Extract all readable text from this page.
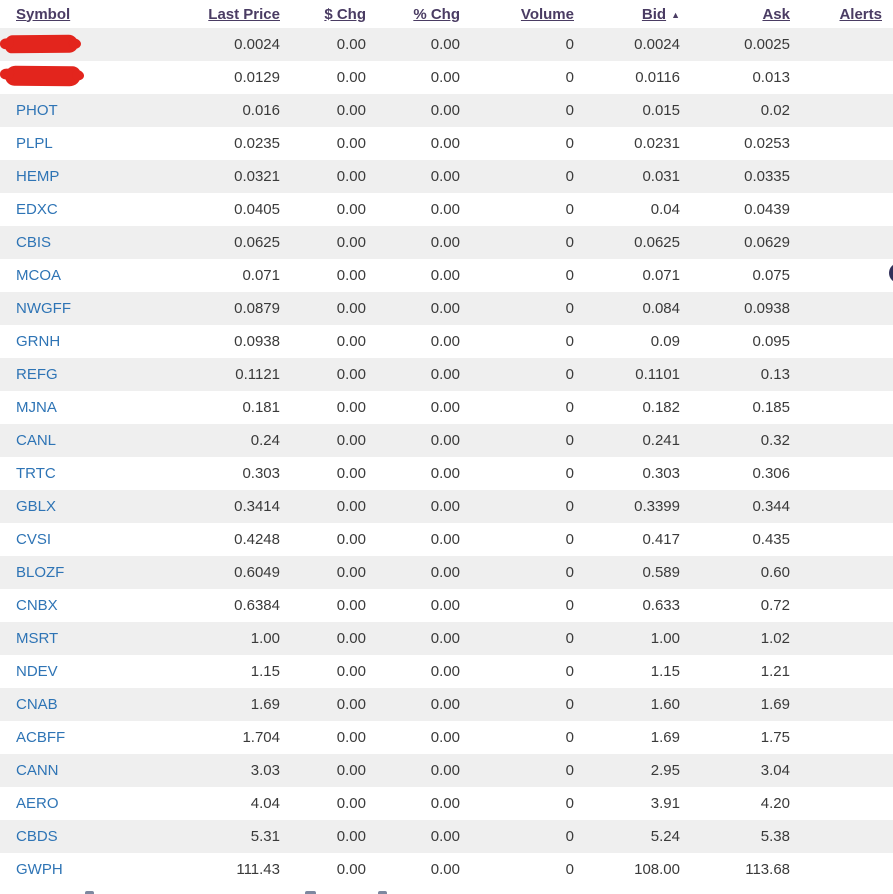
Symbol	Last Price	$ Chg	% Chg	Volume	Bid ▲	Ask	Alerts

	0.0024	0.00	0.00	0	0.0024	0.0025	

	0.0129	0.00	0.00	0	0.0116	0.013	
PHOT	0.016	0.00	0.00	0	0.015	0.02	
PLPL	0.0235	0.00	0.00	0	0.0231	0.0253	
HEMP	0.0321	0.00	0.00	0	0.031	0.0335	
EDXC	0.0405	0.00	0.00	0	0.04	0.0439	
CBIS	0.0625	0.00	0.00	0	0.0625	0.0629	
MCOA	0.071	0.00	0.00	0	0.071	0.075	
NWGFF	0.0879	0.00	0.00	0	0.084	0.0938	
GRNH	0.0938	0.00	0.00	0	0.09	0.095	
REFG	0.1121	0.00	0.00	0	0.1101	0.13	
MJNA	0.181	0.00	0.00	0	0.182	0.185	
CANL	0.24	0.00	0.00	0	0.241	0.32	
TRTC	0.303	0.00	0.00	0	0.303	0.306	
GBLX	0.3414	0.00	0.00	0	0.3399	0.344	
CVSI	0.4248	0.00	0.00	0	0.417	0.435	
BLOZF	0.6049	0.00	0.00	0	0.589	0.60	
CNBX	0.6384	0.00	0.00	0	0.633	0.72	
MSRT	1.00	0.00	0.00	0	1.00	1.02	
NDEV	1.15	0.00	0.00	0	1.15	1.21	
CNAB	1.69	0.00	0.00	0	1.60	1.69	
ACBFF	1.704	0.00	0.00	0	1.69	1.75	
CANN	3.03	0.00	0.00	0	2.95	3.04	
AERO	4.04	0.00	0.00	0	3.91	4.20	
CBDS	5.31	0.00	0.00	0	5.24	5.38	
GWPH	111.43	0.00	0.00	0	108.00	113.68	
